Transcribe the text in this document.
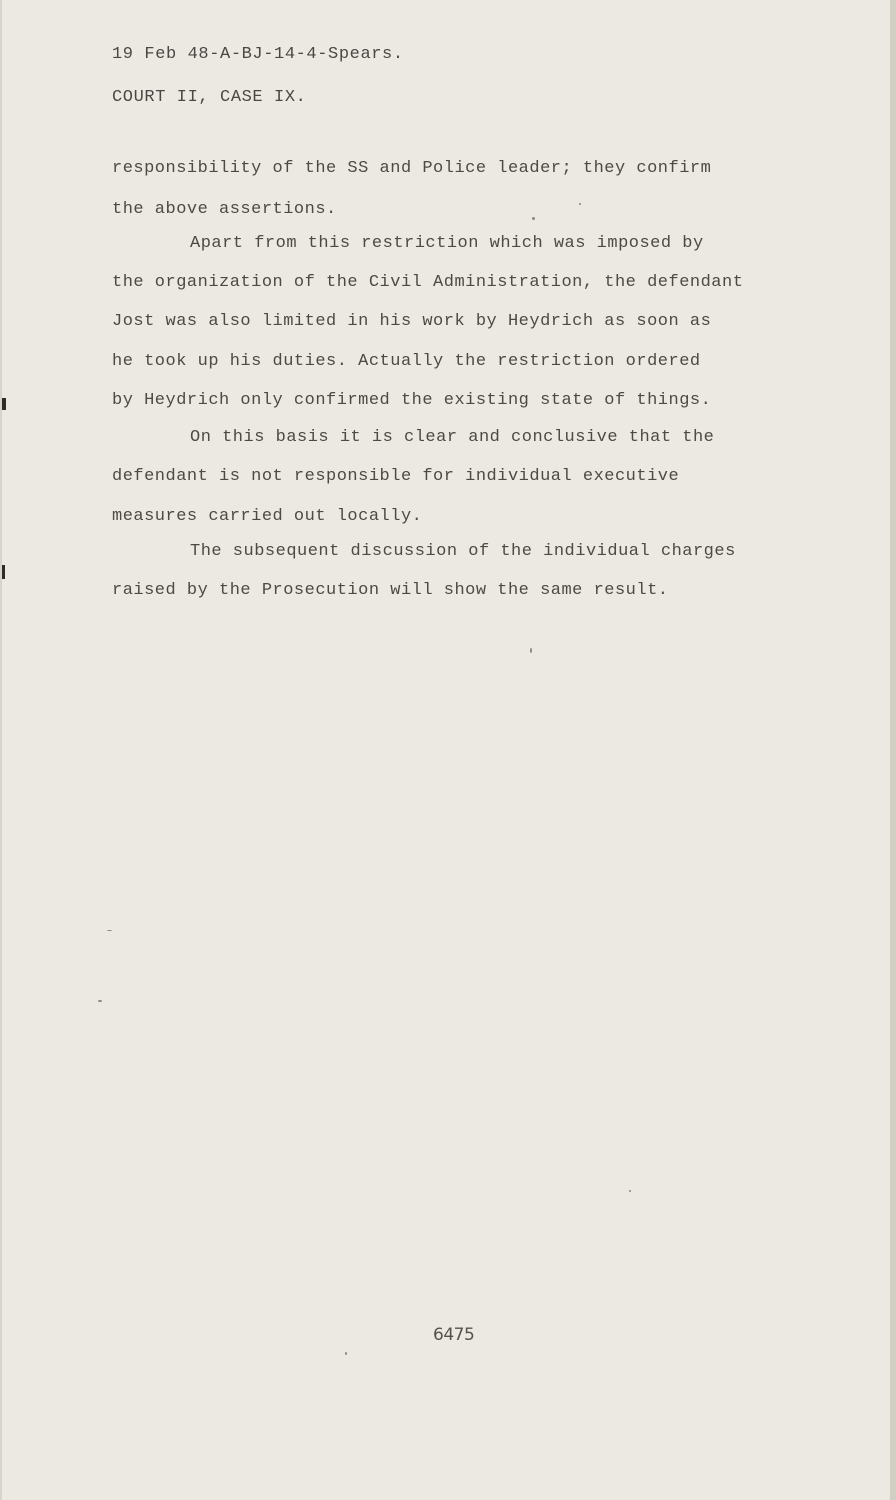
19 Feb 48-A-BJ-14-4-Spears.
COURT II, CASE IX.
responsibility of the SS and Police leader; they confirm
the above assertions.
Apart from this restriction which was imposed by
the organization of the Civil Administration, the defendant
Jost was also limited in his work by Heydrich as soon as
he took up his duties. Actually the restriction ordered
by Heydrich only confirmed the existing state of things.
On this basis it is clear and conclusive that the
defendant is not responsible for individual executive
measures carried out locally.
The subsequent discussion of the individual charges
raised by the Prosecution will show the same result.
6475
